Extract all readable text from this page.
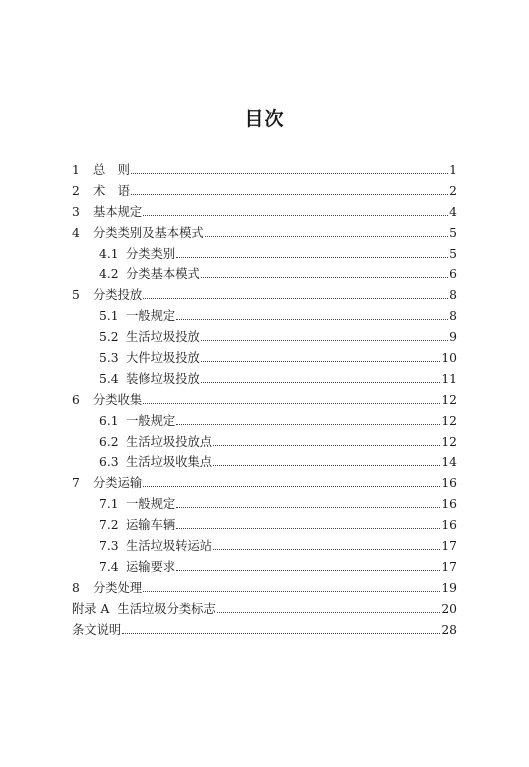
目次
1	总　则	1
2	术　语	2
3	基本规定	4
4	分类类别及基本模式	5
4.1 分类类别	5
4.2 分类基本模式	6
5	分类投放	8
5.1 一般规定	8
5.2 生活垃圾投放	9
5.3 大件垃圾投放	10
5.4 装修垃圾投放	11
6	分类收集	12
6.1 一般规定	12
6.2 生活垃圾投放点	12
6.3 生活垃圾收集点	14
7	分类运输	16
7.1 一般规定	16
7.2 运输车辆	16
7.3 生活垃圾转运站	17
7.4 运输要求	17
8	分类处理	19
附录 A 生活垃圾分类标志	20
条文说明	28
